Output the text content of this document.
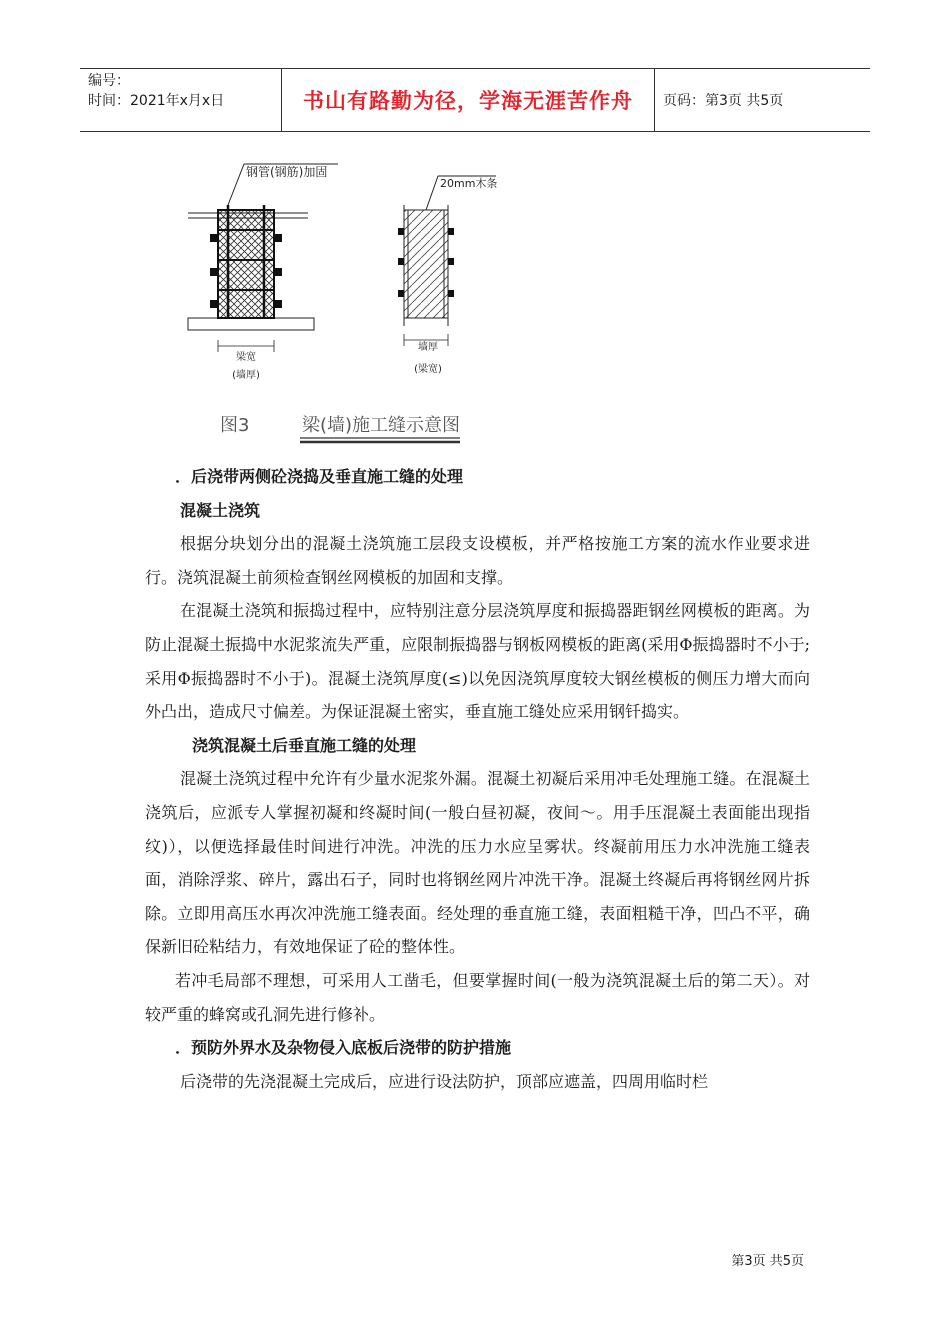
编号：
时间：2021年x月x日	书山有路勤为径，学海无涯苦作舟	页码：第3页 共5页
钢管(钢筋)加固
梁宽
(墙厚)
20mm木条
墙厚
(梁宽)
图3	梁(墙)施工缝示意图

．后浇带两侧砼浇捣及垂直施工缝的处理

混凝土浇筑

根据分块划分出的混凝土浇筑施工层段支设模板，并严格按施工方案的流水作业要求进行。浇筑混凝土前须检查钢丝网模板的加固和支撑。

在混凝土浇筑和振捣过程中，应特别注意分层浇筑厚度和振捣器距钢丝网模板的距离。为防止混凝土振捣中水泥浆流失严重，应限制振捣器与钢板网模板的距离(采用Φ振捣器时不小于;采用Φ振捣器时不小于)。混凝土浇筑厚度(≤)以免因浇筑厚度较大钢丝模板的侧压力增大而向外凸出，造成尺寸偏差。为保证混凝土密实，垂直施工缝处应采用钢钎捣实。

浇筑混凝土后垂直施工缝的处理

混凝土浇筑过程中允许有少量水泥浆外漏。混凝土初凝后采用冲毛处理施工缝。在混凝土浇筑后，应派专人掌握初凝和终凝时间(一般白昼初凝，夜间～。用手压混凝土表面能出现指纹)），以便选择最佳时间进行冲洗。冲洗的压力水应呈雾状。终凝前用压力水冲洗施工缝表面，消除浮浆、碎片，露出石子，同时也将钢丝网片冲洗干净。混凝土终凝后再将钢丝网片拆除。立即用高压水再次冲洗施工缝表面。经处理的垂直施工缝，表面粗糙干净，凹凸不平，确保新旧砼粘结力，有效地保证了砼的整体性。

若冲毛局部不理想，可采用人工凿毛，但要掌握时间(一般为浇筑混凝土后的第二天）。对较严重的蜂窝或孔洞先进行修补。

．预防外界水及杂物侵入底板后浇带的防护措施

后浇带的先浇混凝土完成后，应进行设法防护，顶部应遮盖，四周用临时栏

第3页 共5页
